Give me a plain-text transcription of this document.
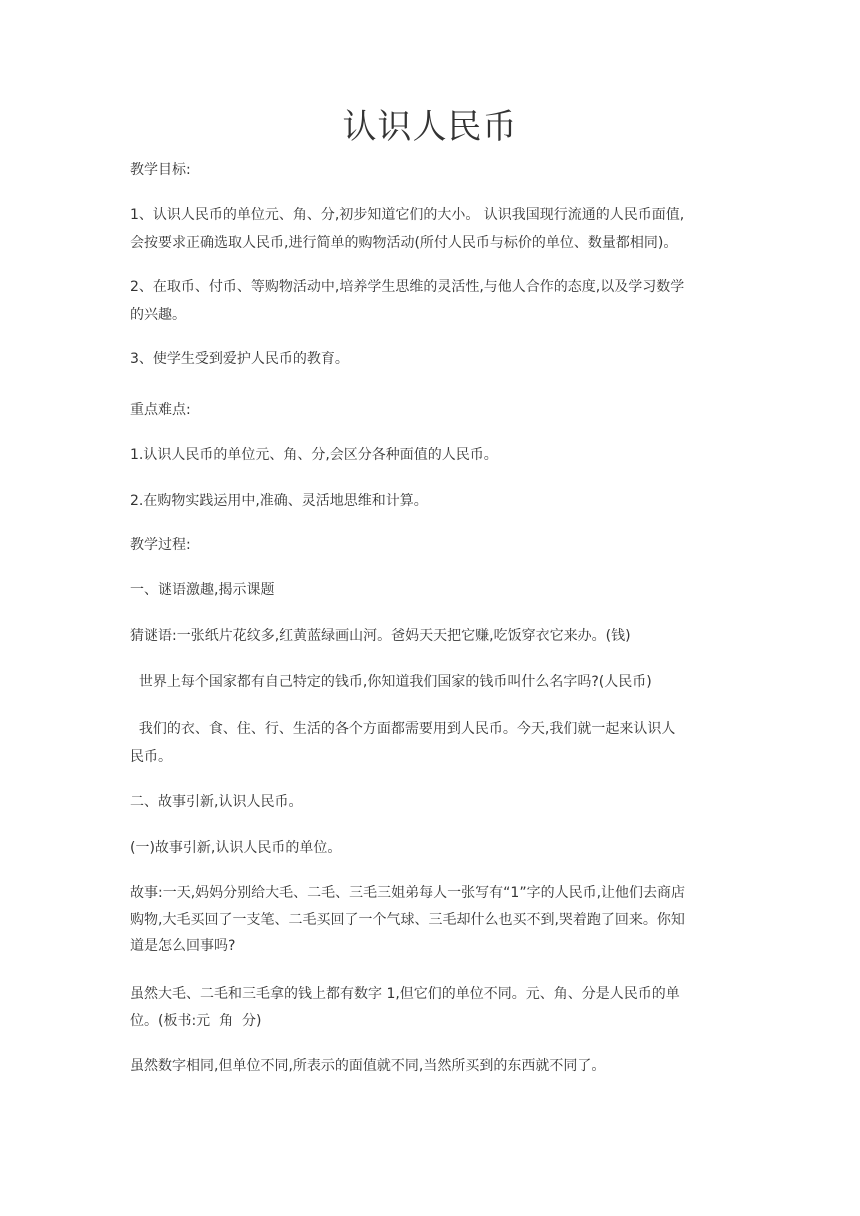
认识人民币
教学目标:
1、认识人民币的单位元、角、分,初步知道它们的大小。 认识我国现行流通的人民币面值,
会按要求正确选取人民币,进行简单的购物活动(所付人民币与标价的单位、数量都相同)。
2、在取币、付币、等购物活动中,培养学生思维的灵活性,与他人合作的态度,以及学习数学
的兴趣。
3、使学生受到爱护人民币的教育。
重点难点:
1.认识人民币的单位元、角、分,会区分各种面值的人民币。
2.在购物实践运用中,准确、灵活地思维和计算。
教学过程:
一、谜语激趣,揭示课题
猜谜语:一张纸片花纹多,红黄蓝绿画山河。爸妈天天把它赚,吃饭穿衣它来办。(钱)
世界上每个国家都有自己特定的钱币,你知道我们国家的钱币叫什么名字吗?(人民币)
我们的衣、食、住、行、生活的各个方面都需要用到人民币。今天,我们就一起来认识人
民币。
二、故事引新,认识人民币。
(一)故事引新,认识人民币的单位。
故事:一天,妈妈分别给大毛、二毛、三毛三姐弟每人一张写有“1”字的人民币,让他们去商店
购物,大毛买回了一支笔、二毛买回了一个气球、三毛却什么也买不到,哭着跑了回来。你知
道是怎么回事吗?
虽然大毛、二毛和三毛拿的钱上都有数字 1,但它们的单位不同。元、角、分是人民币的单
位。(板书:元  角  分)
虽然数字相同,但单位不同,所表示的面值就不同,当然所买到的东西就不同了。
